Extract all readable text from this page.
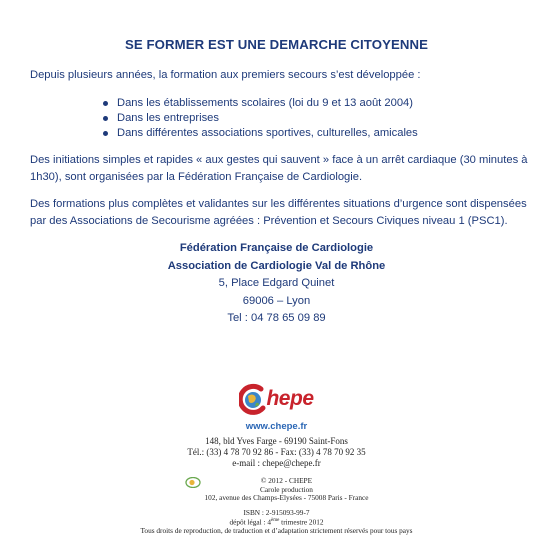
SE FORMER EST UNE DEMARCHE CITOYENNE
Depuis plusieurs années, la formation aux premiers secours s’est développée :
Dans les établissements scolaires (loi du 9 et 13 août 2004)
Dans les entreprises
Dans différentes associations sportives, culturelles, amicales
Des initiations simples et rapides « aux gestes qui sauvent » face à un arrêt cardiaque (30 minutes à 1h30), sont organisées par la Fédération Française de Cardiologie.
Des formations plus complètes et validantes sur les différentes situations d’urgence sont dispensées par des Associations de Secourisme agréées : Prévention et Secours Civiques niveau 1 (PSC1).
Fédération Française de Cardiologie
Association de Cardiologie Val de Rhône
5, Place Edgard Quinet
69006 – Lyon
Tel : 04 78 65 09 89
hepe
www.chepe.fr
148, bld Yves Farge - 69190 Saint-Fons
Tél.: (33) 4 78 70 92 86 - Fax: (33) 4 78 70 92 35
e-mail : chepe@chepe.fr
© 2012 - CHEPE
Carole production
102, avenue des Champs-Elysées - 75008 Paris - France
ISBN : 2-915093-99-7
dépôt légal : 4ème trimestre 2012
Tous droits de reproduction, de traduction et d’adaptation strictement réservés pour tous pays
